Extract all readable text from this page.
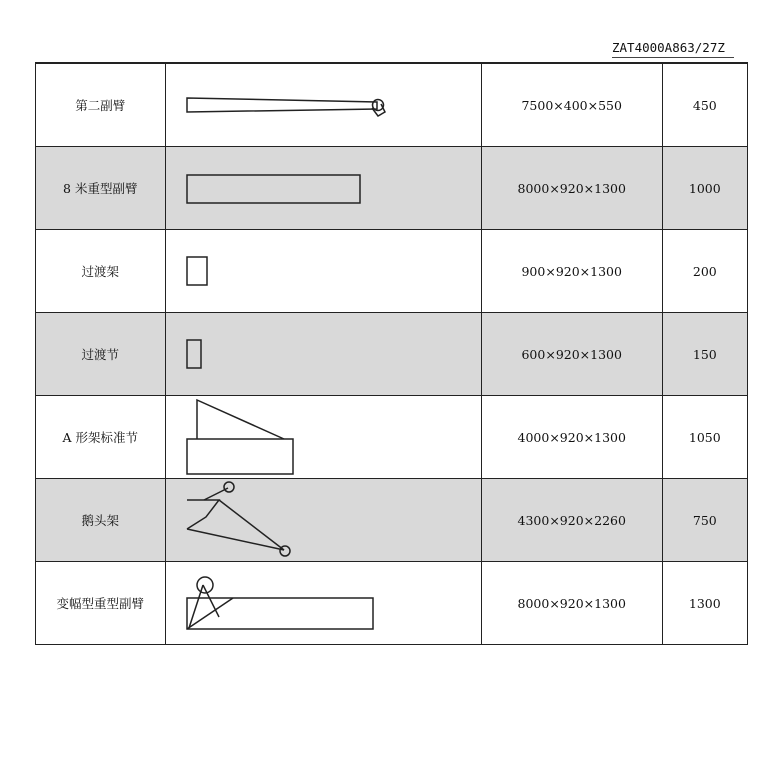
ZAT4000A863/27Z
第二副臂		7500×400×550	450
8 米重型副臂		8000×920×1300	1000
过渡架		900×920×1300	200
过渡节		600×920×1300	150
A 形架标准节		4000×920×1300	1050
鹅头架		4300×920×2260	750
变幅型重型副臂		8000×920×1300	1300
